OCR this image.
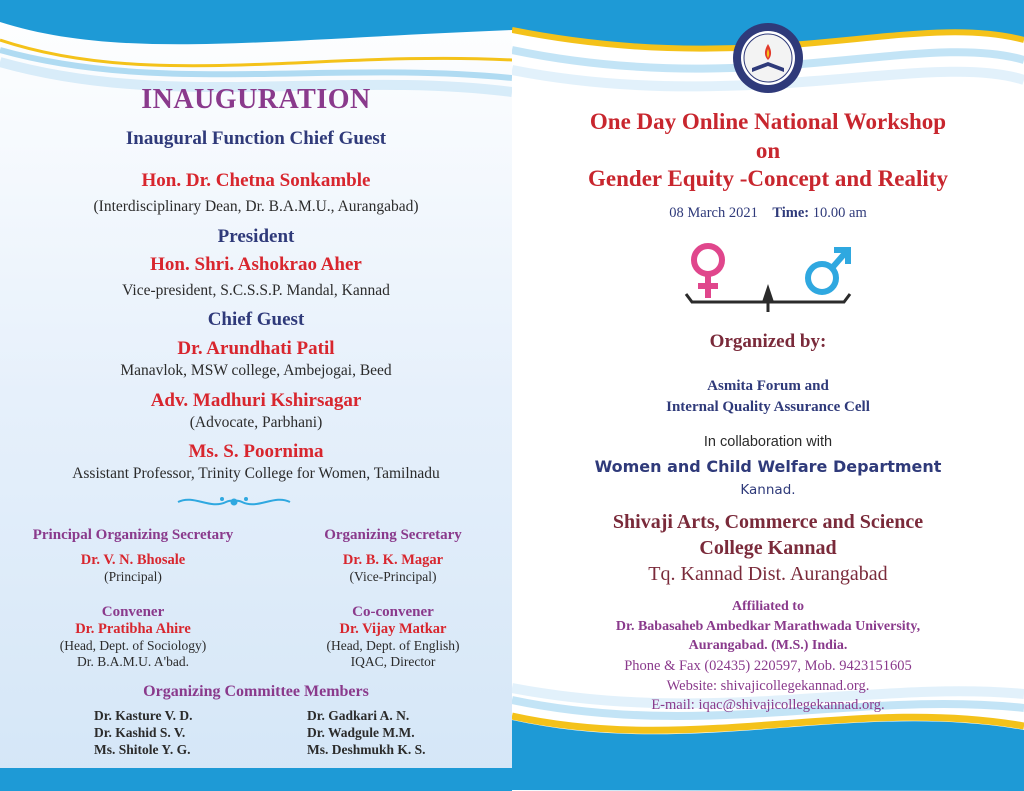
INAUGURATION
Inaugural Function Chief Guest
Hon. Dr. Chetna Sonkamble
(Interdisciplinary Dean, Dr. B.A.M.U., Aurangabad)
President
Hon. Shri. Ashokrao Aher
Vice-president, S.C.S.S.P. Mandal, Kannad
Chief Guest
Dr. Arundhati Patil
Manavlok, MSW college, Ambejogai, Beed
Adv. Madhuri Kshirsagar
(Advocate, Parbhani)
Ms. S. Poornima
Assistant Professor, Trinity College for Women, Tamilnadu
Principal Organizing Secretary
Dr. V. N. Bhosale
(Principal)
Organizing Secretary
Dr. B. K. Magar
(Vice-Principal)
Convener
Dr. Pratibha Ahire
(Head, Dept. of Sociology)
Dr. B.A.M.U. A'bad.
Co-convener
Dr. Vijay Matkar
(Head, Dept. of English)
IQAC, Director
Organizing Committee Members
Dr. Kasture V. D.
Dr. Kashid S. V.
Ms. Shitole Y. G.
Dr. Gadkari A. N.
Dr. Wadgule M.M.
Ms. Deshmukh K. S.
One Day Online National Workshop
on
Gender Equity -Concept and Reality
08 March 2021 Time: 10.00 am
Organized by:
Asmita Forum and
Internal Quality Assurance Cell
In collaboration with
Women and Child Welfare Department
Kannad.
Shivaji Arts, Commerce and Science
College Kannad
Tq. Kannad Dist. Aurangabad
Affiliated to
Dr. Babasaheb Ambedkar Marathwada University,
Aurangabad. (M.S.) India.
Phone & Fax (02435) 220597, Mob. 9423151605
Website: shivajicollegekannad.org.
E-mail: iqac@shivajicollegekannad.org.
